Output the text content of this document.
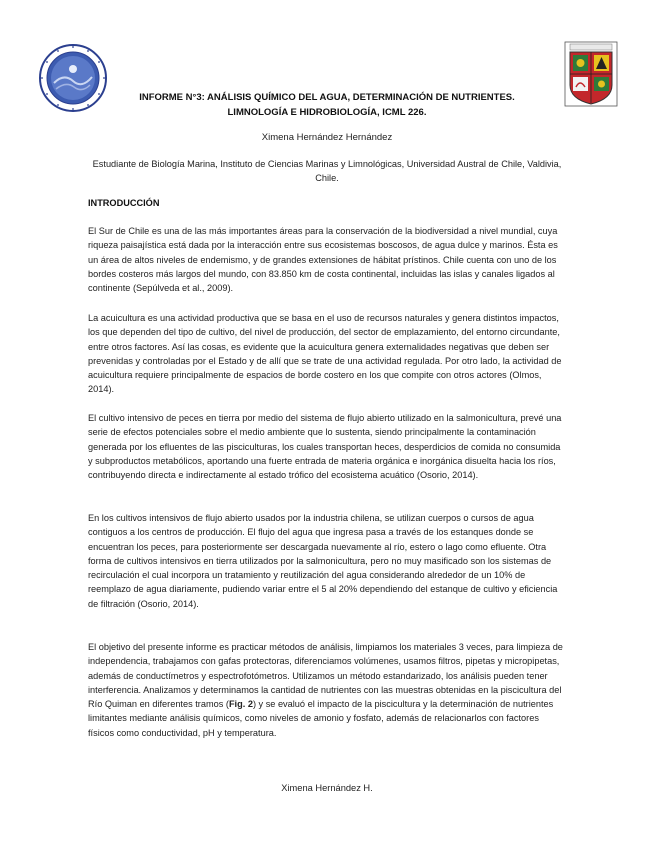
INFORME N°3: ANÁLISIS QUÍMICO DEL AGUA, DETERMINACIÓN DE NUTRIENTES.
LIMNOLOGÍA E HIDROBIOLOGÍA, ICML 226.
Ximena Hernández Hernández
Estudiante de Biología Marina, Instituto de Ciencias Marinas y Limnológicas, Universidad Austral de Chile, Valdivia, Chile.
INTRODUCCIÓN

El Sur de Chile es una de las más importantes áreas para la conservación de la biodiversidad a nivel mundial, cuya riqueza paisajística está dada por la interacción entre sus ecosistemas boscosos, de agua dulce y marinos. Ésta es un área de altos niveles de endemismo, y de grandes extensiones de hábitat prístinos. Chile cuenta con uno de los bordes costeros más largos del mundo, con 83.850 km de costa continental, incluidas las islas y canales ligados al continente (Sepúlveda et al., 2009).

La acuicultura es una actividad productiva que se basa en el uso de recursos naturales y genera distintos impactos, los que dependen del tipo de cultivo, del nivel de producción, del sector de emplazamiento, del entorno circundante, entre otros factores. Así las cosas, es evidente que la acuicultura genera externalidades negativas que deben ser prevenidas y controladas por el Estado y de allí que se trate de una actividad regulada. Por otro lado, la actividad de acuicultura requiere principalmente de espacios de borde costero en los que compite con otros actores (Olmos, 2014).

El cultivo intensivo de peces en tierra por medio del sistema de flujo abierto utilizado en la salmonicultura, prevé una serie de efectos potenciales sobre el medio ambiente que lo sustenta, siendo principalmente la contaminación generada por los efluentes de las pisciculturas, los cuales transportan heces, desperdicios de comida no consumida y subproductos metabólicos, aportando una fuerte entrada de materia orgánica e inorgánica disuelta hacia los ríos, contribuyendo directa e indirectamente al estado trófico del ecosistema acuático (Osorio, 2014).

En los cultivos intensivos de flujo abierto usados por la industria chilena, se utilizan cuerpos o cursos de agua contiguos a los centros de producción. El flujo del agua que ingresa pasa a través de los estanques donde se encuentran los peces, para posteriormente ser descargada nuevamente al río, estero o lago como efluente. Otra forma de cultivos intensivos en tierra utilizados por la salmonicultura, pero no muy masificado son los sistemas de recirculación el cual incorpora un tratamiento y reutilización del agua considerando alrededor de un 10% de reemplazo de agua diariamente, pudiendo variar entre el 5 al 20% dependiendo del estanque de cultivo y eficiencia de filtración (Osorio, 2014).

El objetivo del presente informe es practicar métodos de análisis, limpiamos los materiales 3 veces, para limpieza de independencia, trabajamos con gafas protectoras, diferenciamos volúmenes, usamos filtros, pipetas y micropipetas, además de conductímetros y espectrofotómetros. Utilizamos un método estandarizado, los análisis pueden tener interferencia. Analizamos y determinamos la cantidad de nutrientes con las muestras obtenidas en la piscicultura del Río Quiman en diferentes tramos (Fig. 2) y se evaluó el impacto de la piscicultura y la determinación de nutrientes limitantes mediante análisis químicos, como niveles de amonio y fosfato, además de relacionarlos con factores físicos como conductividad, pH y temperatura.

Ximena Hernández H.
